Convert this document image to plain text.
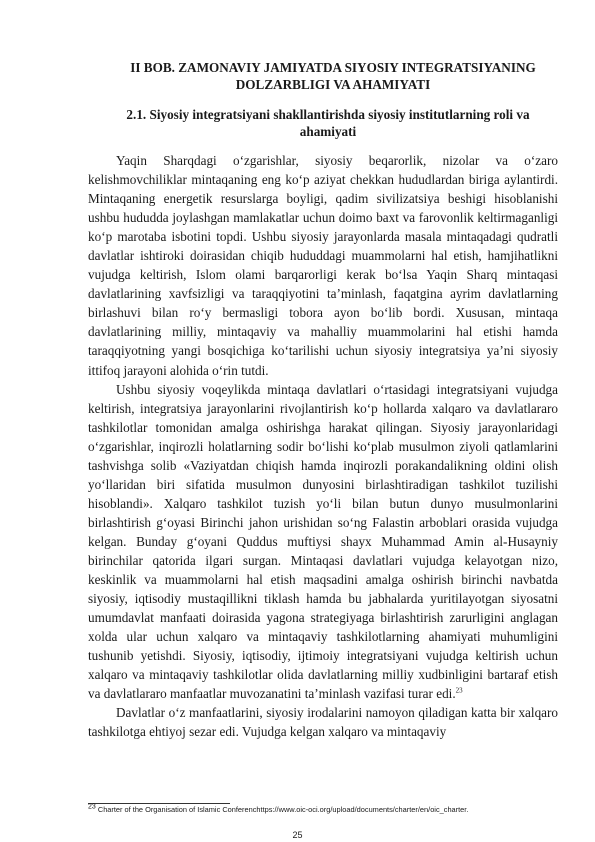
II BOB. ZAMONAVIY JAMIYATDA SIYOSIY INTEGRATSIYANING DOLZARBLIGI VA AHAMIYATI
2.1. Siyosiy integratsiyani shakllantirishda siyosiy institutlarning roli va ahamiyati

Yaqin Sharqdagi o‘zgarishlar, siyosiy beqarorlik, nizolar va o‘zaro kelishmovchiliklar mintaqaning eng ko‘p aziyat chekkan hududlardan biriga aylantirdi. Mintaqaning energetik resurslarga boyligi, qadim sivilizatsiya beshigi hisoblanishi ushbu hududda joylashgan mamlakatlar uchun doimo baxt va farovonlik keltirmaganligi ko‘p marotaba isbotini topdi. Ushbu siyosiy jarayonlarda masala mintaqadagi qudratli davlatlar ishtiroki doirasidan chiqib hududdagi muammolarni hal etish, hamjihatlikni vujudga keltirish, Islom olami barqarorligi kerak bo‘lsa Yaqin Sharq mintaqasi davlatlarining xavfsizligi va taraqqiyotini ta’minlash, faqatgina ayrim davlatlarning birlashuvi bilan ro‘y bermasligi tobora ayon bo‘lib bordi. Xususan, mintaqa davlatlarining milliy, mintaqaviy va mahalliy muammolarini hal etishi hamda taraqqiyotning yangi bosqichiga ko‘tarilishi uchun siyosiy integratsiya ya’ni siyosiy ittifoq jarayoni alohida o‘rin tutdi.

Ushbu siyosiy voqeylikda mintaqa davlatlari o‘rtasidagi integratsiyani vujudga keltirish, integratsiya jarayonlarini rivojlantirish ko‘p hollarda xalqaro va davlatlararo tashkilotlar tomonidan amalga oshirishga harakat qilingan. Siyosiy jarayonlaridagi o‘zgarishlar, inqirozli holatlarning sodir bo‘lishi ko‘plab musulmon ziyoli qatlamlarini tashvishga solib «Vaziyatdan chiqish hamda inqirozli porakandalikning oldini olish yo‘llaridan biri sifatida musulmon dunyosini birlashtiradigan tashkilot tuzilishi hisoblandi». Xalqaro tashkilot tuzish yo‘li bilan butun dunyo musulmonlarini birlashtirish g‘oyasi Birinchi jahon urishidan so‘ng Falastin arboblari orasida vujudga kelgan. Bunday g‘oyani Quddus muftiysi shayx Muhammad Amin al-Husayniy birinchilar qatorida ilgari surgan. Mintaqasi davlatlari vujudga kelayotgan nizo, keskinlik va muammolarni hal etish maqsadini amalga oshirish birinchi navbatda siyosiy, iqtisodiy mustaqillikni tiklash hamda bu jabhalarda yuritilayotgan siyosatni umumdavlat manfaati doirasida yagona strategiyaga birlashtirish zarurligini anglagan xolda ular uchun xalqaro va mintaqaviy tashkilotlarning ahamiyati muhumligini tushunib yetishdi. Siyosiy, iqtisodiy, ijtimoiy integratsiyani vujudga keltirish uchun xalqaro va mintaqaviy tashkilotlar olida davlatlarning milliy xudbinligini bartaraf etish va davlatlararo manfaatlar muvozanatini ta’minlash vazifasi turar edi.$^{23}$

Davlatlar o‘z manfaatlarini, siyosiy irodalarini namoyon qiladigan katta bir xalqaro tashkilotga ehtiyoj sezar edi. Vujudga kelgan xalqaro va mintaqaviy

$^{23}$ Charter of the Organisation of Islamic Conferenchttps://www.oic-oci.org/upload/documents/charter/en/oic_charter.
25
